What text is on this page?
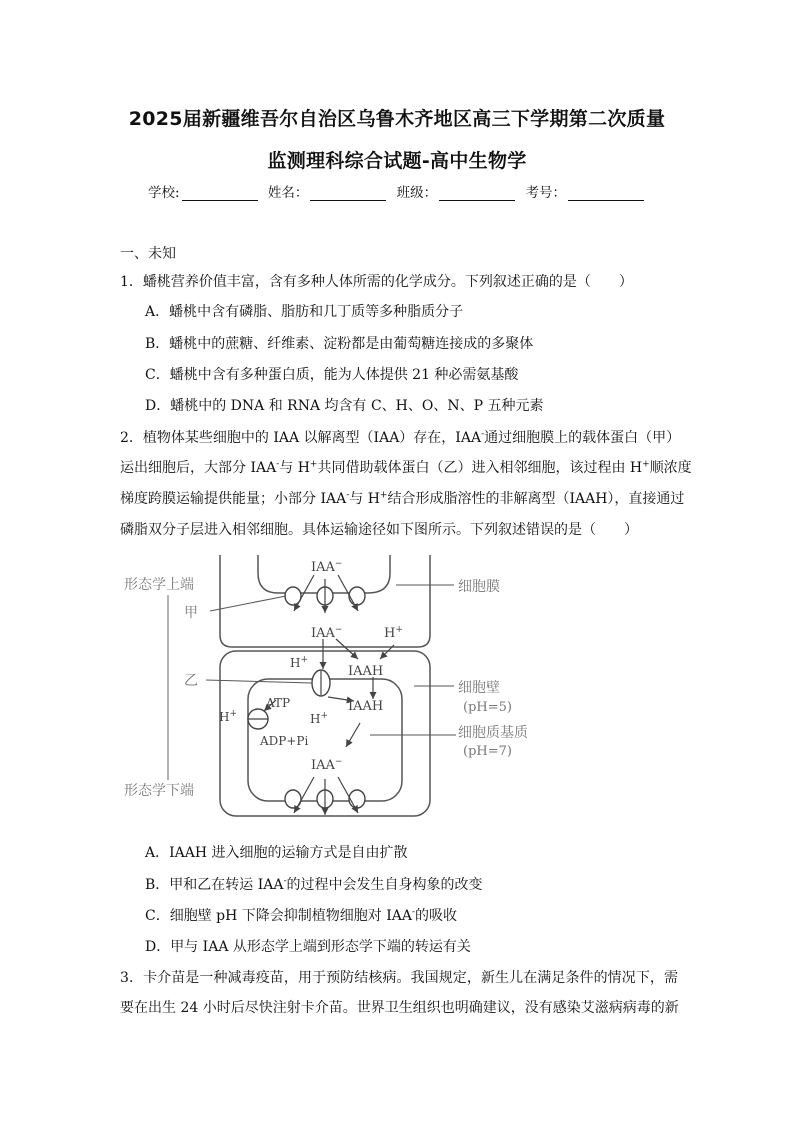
2025届新疆维吾尔自治区乌鲁木齐地区高三下学期第二次质量
监测理科综合试题-高中生物学
学校:	姓名：	班级：	考号：
一、未知
1．蟠桃营养价值丰富，含有多种人体所需的化学成分。下列叙述正确的是（　　）
A．蟠桃中含有磷脂、脂肪和几丁质等多种脂质分子
B．蟠桃中的蔗糖、纤维素、淀粉都是由葡萄糖连接成的多聚体
C．蟠桃中含有多种蛋白质，能为人体提供 21 种必需氨基酸
D．蟠桃中的 DNA 和 RNA 均含有 C、H、O、N、P 五种元素
2．植物体某些细胞中的 IAA 以解离型（IAA）存在，IAA-通过细胞膜上的载体蛋白（甲）
运出细胞后，大部分 IAA-与 H+共同借助载体蛋白（乙）进入相邻细胞，该过程由 H+顺浓度
梯度跨膜运输提供能量；小部分 IAA-与 H+结合形成脂溶性的非解离型（IAAH），直接通过
磷脂双分子层进入相邻细胞。具体运输途径如下图所示。下列叙述错误的是（　　）
形态学上端
形态学下端
甲
乙
细胞膜
细胞壁
(pH=5)
细胞质基质
(pH=7)
IAA−
IAA−	H+
H+
IAAH
IAAH
ATP
H+
ADP+Pi
H+
IAA−
A．IAAH 进入细胞的运输方式是自由扩散
B．甲和乙在转运 IAA-的过程中会发生自身构象的改变
C．细胞壁 pH 下降会抑制植物细胞对 IAA-的吸收
D．甲与 IAA 从形态学上端到形态学下端的转运有关
3．卡介苗是一种减毒疫苗，用于预防结核病。我国规定，新生儿在满足条件的情况下，需
要在出生 24 小时后尽快注射卡介苗。世界卫生组织也明确建议，没有感染艾滋病病毒的新
